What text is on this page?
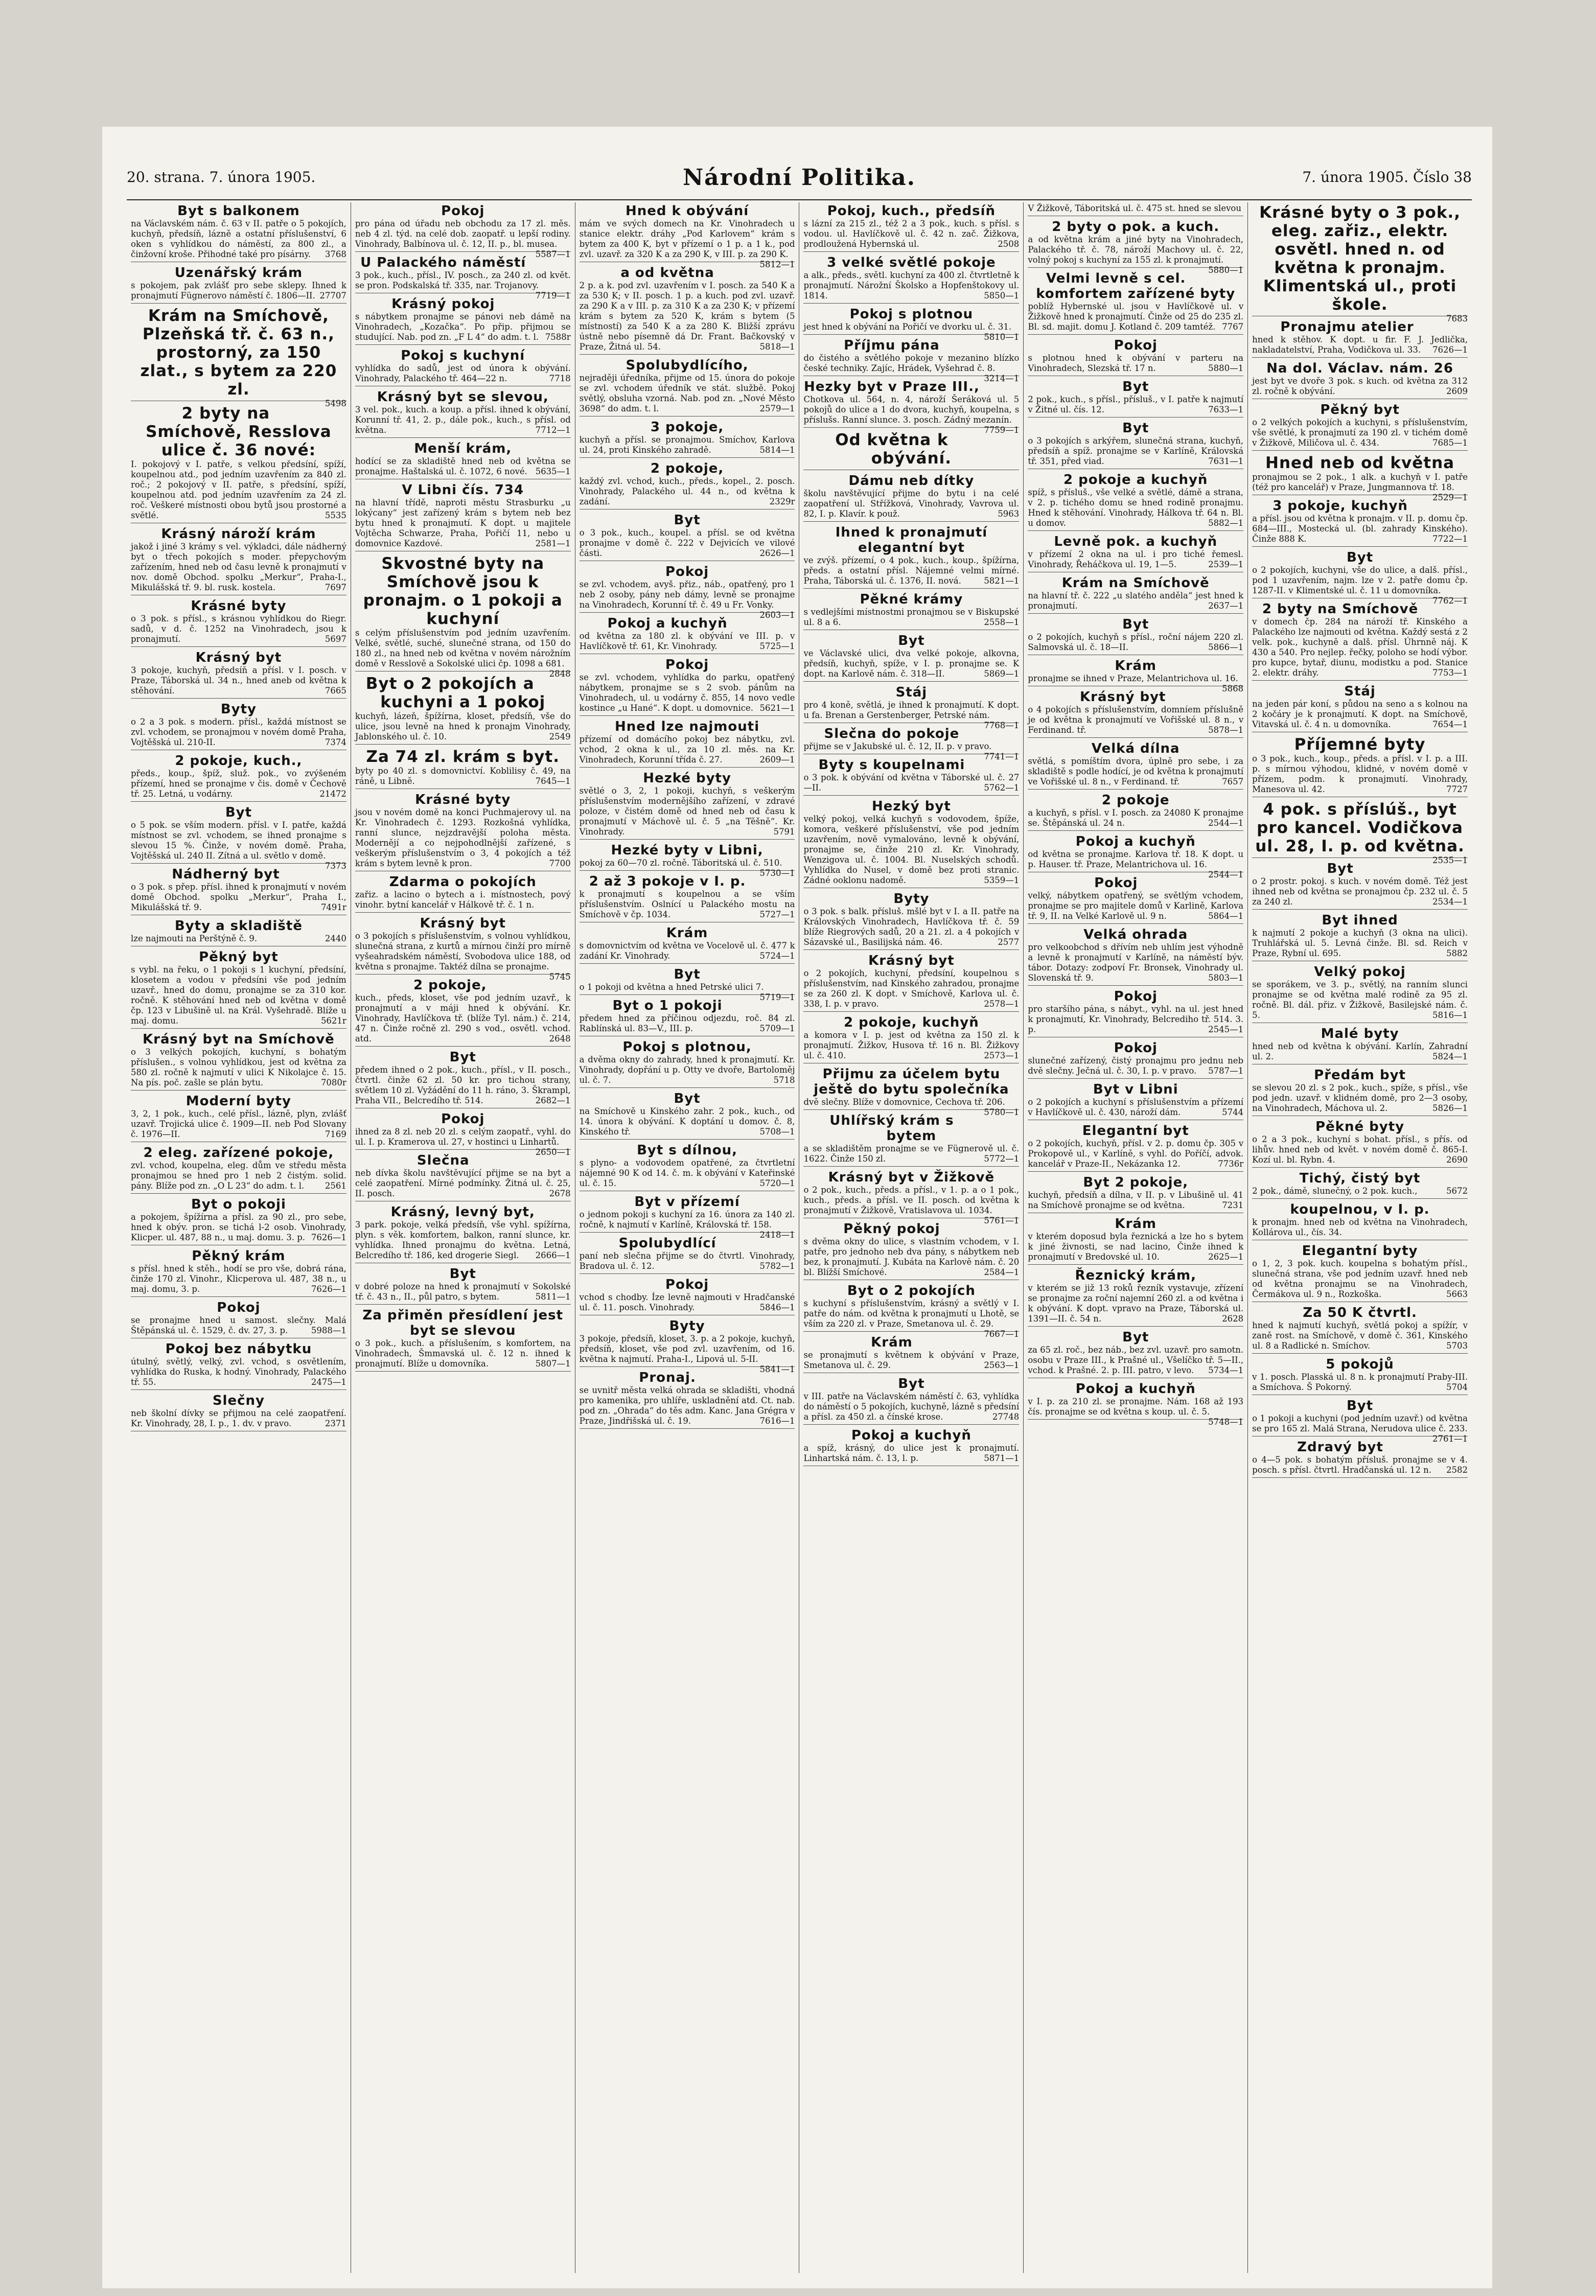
20. strana. 7. února 1905.	Národní Politika.	7. února 1905. Číslo 38
Byt s balkonem
na Václavském nám. č. 63 v II. patře o 5 pokojích, kuchyň, předsíň, lázně a ostatní příslušenství, 6 oken s vyhlídkou do náměstí, za 800 zl., a činžovní kroše. Přihodné také pro písárny. 3768
Uzenářský krám
s pokojem, pak zvlášť pro sebe sklepy. Ihned k pronajmutí Fügnerovo náměstí č. 1806—II. 27707
Krám na Smíchově, Plzeňská tř. č. 63 n., prostorný, za 150 zlat., s bytem za 220 zl.
5498
2 byty na Smíchově, Resslova ulice č. 36 nové:
I. pokojový v I. patře, s velkou předsíní, spíží, koupelnou atd., pod jedním uzavřením za 840 zl. roč.; 2 pokojový v II. patře, s předsíní, spíží, koupelnou atd. pod jedním uzavřením za 24 zl. roč. Veškeré místnosti obou bytů jsou prostorné a světlé.	5535
Krásný nároží krám
jakož i jiné 3 krámy s vel. výkladci, dále nádherný byt o třech pokojích s moder. přepychovým zařízením, hned neb od času levně k pronajmutí v nov. domě Obchod. spolku „Merkur“, Praha-I., Mikulášská tř. 9. bl. rusk. kostela.	7697
Krásné byty
o 3 pok. s přísl., s krásnou vyhlídkou do Riegr. sadů, v d. č. 1252 na Vinohradech, jsou k pronajmutí.	5697
Krásný byt
3 pokoje, kuchyň, předsíň a přísl. v I. posch. v Praze, Táborská ul. 34 n., hned aneb od května k stěhování.	7665
Byty
o 2 a 3 pok. s modern. přísl., každá místnost se zvl. vchodem, se pronajmou v novém domě Praha, Vojtěšská ul. 210-II.	7374
2 pokoje, kuch.,
předs., koup., špíž, služ. pok., vo zvýšeném přízemí, hned se pronajme v čis. domě v Čechově tř. 25. Letná, u vodárny.	21472
Byt
o 5 pok. se vším modern. přísl. v I. patře, každá místnost se zvl. vchodem, se ihned pronajme s slevou 15 %. Činže, v novém domě. Praha, Vojtěšská ul. 240 II. Zítná a ul. světlo v domě.
7373
Nádherný byt
o 3 pok. s přep. přísl. ihned k pronajmutí v novém domě Obchod. spolku „Merkur“, Praha I., Mikulášská tř. 9.	7491r
Byty a skladiště
lze najmouti na Perštýně č. 9.	2440
Pěkný byt
s vybl. na řeku, o 1 pokoji s 1 kuchyní, předsíní, klosetem a vodou v předsíni vše pod jedním uzavř., hned do domu, pronajme se za 310 kor. ročně. K stěhování hned neb od května v domě čp. 123 v Libušině ul. na Král. Vyšehradě. Blíže u maj. domu.	5621r
Krásný byt na Smíchově
o 3 velkých pokojích, kuchyní, s bohatým příslušen., s volnou vyhlídkou, jest od května za 580 zl. ročně k najmutí v ulici K Nikolajce č. 15. Na pís. poč. zašle se plán bytu.	7080r
Moderní byty
3, 2, 1 pok., kuch., celé přísl., lázně, plyn, zvlášť uzavř. Trojická ulice č. 1909—II. neb Pod Slovany č. 1976—II.	7169
2 eleg. zařízené pokoje,
zvl. vchod, koupelna, eleg. dům ve středu města pronajmou se hned pro 1 neb 2 čistým. solid. pány. Blíže pod zn. „O L 23“ do adm. t. l. 2561
Byt o pokoji
a pokojem, špížírna a přísl. za 90 zl., pro sebe, hned k obýv. pron. se tichá l-2 osob. Vinohrady, Klicper. ul. 487, 88 n., u maj. domu. 3. p. 7626—1
Pěkný krám
s přísl. hned k stěh., hodí se pro vše, dobrá rána, činže 170 zl. Vinohr., Klicperova ul. 487, 38 n., u maj. domu, 3. p.	7626—1
Pokoj
se pronajme hned u samost. slečny. Malá Štěpánská ul. č. 1529, č. dv. 27, 3. p.	5988—1
Pokoj bez nábytku
útulný, světlý, velký, zvl. vchod, s osvětlením, vyhlídka do Ruska, k hodný. Vinohrady, Palackého tř. 55.	2475—1
Slečny
neb školní dívky se přijmou na celé zaopatření. Kr. Vinohrady, 28, I. p., 1. dv. v pravo.	2371
Pokoj
pro pána od úřadu neb obchodu za 17 zl. měs. neb 4 zl. týd. na celé dob. zaopatř. u lepší rodiny. Vinohrady, Balbínova ul. č. 12, II. p., bl. musea.
5587—1
U Palackého náměstí
3 pok., kuch., přísl., IV. posch., za 240 zl. od květ. se pron. Podskalská tř. 335, nar. Trojanovy.
7719—1
Krásný pokoj
s nábytkem pronajme se pánovi neb dámě na Vinohradech, „Kozačka“. Po přip. přijmou se studující. Nab. pod zn. „F L 4“ do adm. t. l. 7588r
Pokoj s kuchyní
vyhlídka do sadů, jest od února k obývání. Vinohrady, Palackého tř. 464—22 n.	7718
Krásný byt se slevou,
3 vel. pok., kuch. a koup. a přísl. ihned k obývání, Korunní tř. 41, 2. p., dále pok., kuch., s přísl. od května.	7712—1
Menší krám,
hodící se za skladiště hned neb od května se pronajme. Haštalská ul. č. 1072, 6 nové. 5635—1
V Libni čís. 734
na hlavní třídě, naproti městu Strasburku „u lokýcany“ jest zařízený krám s bytem neb bez bytu hned k pronajmutí. K dopt. u majitele Vojtěcha Schwarze, Praha, Pořičí 11, nebo u domovnice Kazdové.	2581—1
Skvostné byty na Smíchově jsou k pronajm. o 1 pokoji a kuchyní
s celým příslušenstvím pod jedním uzavřením. Velké, světlé, suché, slunečné strana, od 150 do 180 zl., na hned neb od května v novém nárožním domě v Resslově a Sokolské ulici čp. 1098 a 681.
2848
Byt o 2 pokojích a kuchyni a 1 pokoj
kuchyň, lázeň, špížírna, kloset, předsíň, vše do ulice, jsou levně na hned k pronajm Vinohrady, Jablonského ul. č. 10.	2549
Za 74 zl. krám s byt.
byty po 40 zl. s domovnictví. Koblilisy č. 49, na ráně, u Libně.	7645—1
Krásné byty
jsou v novém domě na konci Puchmajerovy ul. na Kr. Vinohradech č. 1293. Rozkošná vyhlídka, ranní slunce, nejzdravější poloha města. Modernějí a co nejpohodlnější zařízené, s veškerým příslušenstvím o 3, 4 pokojích a též krám s bytem levně k pron.	7700
Zdarma o pokojích
zařiz. a lacino o bytech a i. místnostech, pový vinohr. bytní kancelář v Hálkově tř. č. 1 n.
Krásný byt
o 3 pokojích s příslušenstvím, s volnou vyhlídkou, slunečná strana, z kurtů a mírnou činží pro mírně vyšeahradském náměstí, Svobodova ulice 188, od května s pronajme. Taktéž dílna se pronajme.
5745
2 pokoje,
kuch., předs, kloset, vše pod jedním uzavř., k pronajmutí a v máji hned k obývání. Kr. Vinohrady, Havlíčkova tř. (blíže Tyl. nám.) č. 214, 47 n. Činže ročně zl. 290 s vod., osvětl. vchod. atd.	2648
Byt
předem ihned o 2 pok., kuch., přísl., v II. posch., čtvrtl. činže 62 zl. 50 kr. pro tichou strany, světlem 10 zl. Vyžádění do 11 h. ráno, 3. Škrampl, Praha VII., Belcredího tř. 514.	2682—1
Pokoj
ihned za 8 zl. neb 20 zl. s celým zaopatř., vyhl. do ul. I. p. Kramerova ul. 27, v hostinci u Linhartů.
2650—1
Slečna
neb dívka školu navštěvující přijme se na byt a celé zaopatření. Mírné podmínky. Žitná ul. č. 25, II. posch.	2678
Krásný, levný byt,
3 park. pokoje, velká předsíň, vše vyhl. spížírna, plyn. s věk. komfortem, balkon, ranní slunce, kr. vyhlídka. Ihned pronajmu do května. Letná, Belcredího tř. 186, ked drogerie Siegl. 2666—1
Byt
v dobré poloze na hned k pronajmutí v Sokolské tř. č. 43 n., II., půl patro, s bytem.	5811—1
Za přiměn přesídlení jest byt se slevou
o 3 pok., kuch. a příslušením, s komfortem, na Vinohradech, Šmmavská ul. č. 12 n. ihned k pronajmutí. Blíže u domovníka.	5807—1
Hned k obývání
mám ve svých domech na Kr. Vinohradech u stanice elektr. dráhy „Pod Karlovem“ krám s bytem za 400 K, byt v přízemí o 1 p. a 1 k., pod zvl. uzavř. za 320 K a za 290 K, v III. p. za 290 K.
5812—1
a od května
2 p. a k. pod zvl. uzavřením v I. posch. za 540 K a za 530 K; v II. posch. 1 p. a kuch. pod zvl. uzavř. za 290 K a v III. p. za 310 K a za 230 K; v přízemí krám s bytem za 520 K, krám s bytem (5 místností) za 540 K a za 280 K. Bližší zprávu ústně nebo písemně dá Dr. Frant. Bačkovský v Praze, Žitná ul. 54.	5818—1
Spolubydlícího,
nejraději úředníka, přijme od 15. února do pokoje se zvl. vchodem úředník ve stát. službě. Pokoj světlý, obsluha vzorná. Nab. pod zn. „Nové Město 3698“ do adm. t. l.	2579—1
3 pokoje,
kuchyň a přísl. se pronajmou. Smíchov, Karlova ul. 24, proti Kinského zahradě.	5814—1
2 pokoje,
každý zvl. vchod, kuch., předs., kopel., 2. posch. Vinohrady, Palackého ul. 44 n., od května k zadání.	2329r
Byt
o 3 pok., kuch., koupel. a přísl. se od května pronajme v domě č. 222 v Dejvicích ve vilové části.	2626—1
Pokoj
se zvl. vchodem, avyš. přiz., náb., opatřený, pro 1 neb 2 osoby, pány neb dámy, levně se pronajme na Vinohradech, Korunní tř. č. 49 u Fr. Vonky.
2603—1
Pokoj a kuchyň
od května za 180 zl. k obývání ve III. p. v Havlíčkově tř. 61, Kr. Vinohrady.	5725—1
Pokoj
se zvl. vchodem, vyhlídka do parku, opatřený nábytkem, pronajme se s 2 svob. pánům na Vinohradech, ul. u vodárny č. 855, 14 novo vedle kostince „u Hané“. K dopt. u domovnice. 5621—1
Hned lze najmouti
přízemí od domácího pokoj bez nábytku, zvl. vchod, 2 okna k ul., za 10 zl. měs. na Kr. Vinohradech, Korunní třída č. 27.	2609—1
Hezké byty
světlé o 3, 2, 1 pokoji, kuchyň, s veškerým příslušenstvím modernějšího zařízení, v zdravé poloze, v čistém domě od hned neb od času k pronajmutí v Máchově ul. č. 5 „na Těšně“. Kr. Vinohrady.	5791
Hezké byty v Libni,
pokoj za 60—70 zl. ročně. Táboritská ul. č. 510.
5730—1
2 až 3 pokoje v I. p.
k pronajmutí s koupelnou a se vším příslušenstvím. Oslnící u Palackého mostu na Smíchově v čp. 1034.	5727—1
Krám
s domovnictvím od května ve Vocelově ul. č. 477 k zadání Kr. Vinohrady.	5724—1
Byt
o 1 pokoji od května a hned Petrské ulici 7.
5719—1
Byt o 1 pokoji
předem hned za příčinou odjezdu, roč. 84 zl. Rablínská ul. 83—V., III. p.	5709—1
Pokoj s plotnou,
a dvěma okny do zahrady, hned k pronajmutí. Kr. Vinohrady, dopřání u p. Otty ve dvoře, Bartoloměj ul. č. 7.	5718
Byt
na Smíchově u Kinského zahr. 2 pok., kuch., od 14. února k obývání. K doptání u domov. č. 8, Kinského tř.	5708—1
Byt s dílnou,
s plyno- a vodovodem opatřené, za čtvrtletní nájemné 90 K od 14. č. m. k obývání v Kateřinské ul. č. 15.	5720—1
Byt v přízemí
o jednom pokoji s kuchyní za 16. února za 140 zl. ročně, k najmutí v Karlíně, Královská tř. 158.
2418—1
Spolubydlící
paní neb slečna přijme se do čtvrtl. Vinohrady, Bradova ul. č. 12.	5782—1
Pokoj
vchod s chodby. Íze levně najmouti v Hradčanské ul. č. 11. posch. Vinohrady.	5846—1
Byty
3 pokoje, předsíň, kloset, 3. p. a 2 pokoje, kuchyň, předsíň, kloset, vše pod zvl. uzavřením, od 16. května k najmutí. Praha-I., Lipová ul. 5-II.
5841—1
Pronaj.
se uvnitř města velká ohrada se skladišti, vhodná pro kamenika, pro uhlíře, uskladnění atd. Ct. nab. pod zn. „Ohrada“ do těs adm. Kanc. Jana Grégra v Praze, Jindřišská ul. č. 19.	7616—1
Pokoj, kuch., předsíň
s lázní za 215 zl., též 2 a 3 pok., kuch. s přísl. s vodou. ul. Havlíčkově ul. č. 42 n. zač. Žižkova, prodloužená Hybernská ul.	2508
3 velké světlé pokoje
a alk., předs., světl. kuchyní za 400 zl. čtvrtletně k pronajmutí. Nárožní Školsko a Hopfenštokovy ul. 1814.	5850—1
Pokoj s plotnou
jest hned k obývání na Pořičí ve dvorku ul. č. 31.
5810—1
Příjmu pána
do čistého a světlého pokoje v mezanino blízko české techniky. Zajíc, Hrádek, Vyšehrad č. 8.
3214—1
Hezky byt v Praze III.,
Chotkova ul. 564, n. 4, nároží Šeráková ul. 5 pokojů do ulice a 1 do dvora, kuchyň, koupelna, s příslušs. Ranní slunce. 3. posch. Zádný mezanín.
7759—1
Od května k obývání.
Dámu neb dítky
školu navštěvující přijme do bytu i na celé zaopatření ul. Střížková, Vinohrady, Vavrova ul. 82, I. p. Klavír. k použ.	5963
Ihned k pronajmutí elegantní byt
ve zvýš. přízemí, o 4 pok., kuch., koup., špížírna, předs. a ostatní přísl. Nájemné velmi mírné. Praha, Táborská ul. č. 1376, II. nová.	5821—1
Pěkné krámy
s vedlejšími místnostmi pronajmou se v Biskupské ul. 8 a 6.	2558—1
Byt
ve Václavské ulici, dva velké pokoje, alkovna, předsíň, kuchyň, spíže, v I. p. pronajme se. K dopt. na Karlově nám. č. 318—II.	5869—1
Stáj
pro 4 koně, světlá, je ihned k pronajmutí. K dopt. u fa. Brenan a Gerstenberger, Petrské nám.
7768—1
Slečna do pokoje
přijme se v Jakubské ul. č. 12, II. p. v pravo.
7741—1
Byty s koupelnami
o 3 pok. k obývání od května v Táborské ul. č. 27—II.	5762—1
Hezký byt
velký pokoj, velká kuchyň s vodovodem, špíže, komora, veškeré příslušenství, vše pod jedním uzavřením, nově vymalováno, levně k obývání, pronajme se, činže 210 zl. Kr. Vinohrady, Wenzigova ul. č. 1004. Bl. Nuselských schodů. Vyhlídka do Nusel, v domě bez proti stranic. Zádné ooklonu nadomě.	5359—1
Byty
o 3 pok. s balk. přísluš. mšlé byt v I. a II. patře na Královských Vinohradech, Havlíčkova tř. č. 59 blíže Riegrových sadů, 20 a 21. zl. a 4 pokojích v Sázavské ul., Basilijská nám. 46.	2577
Krásný byt
o 2 pokojích, kuchyní, předsíní, koupelnou s příslušenstvím, nad Kinského zahradou, pronajme se za 260 zl. K dopt. v Smíchově, Karlova ul. č. 338, I. p. v pravo.	2578—1
2 pokoje, kuchyň
a komora v I. p. jest od května za 150 zl. k pronajmutí. Žižkov, Husova tř. 16 n. Bl. Žižkovy ul. č. 410.	2573—1
Přijmu za účelem bytu ještě do bytu společníka
dvě slečny. Blíže v domovnice, Cechova tř. 206.
5780—1
Uhlířský krám s bytem
a se skladištěm pronajme se ve Fügnerově ul. č. 1622. Činže 150 zl.	5772—1
Krásný byt v Žižkově
o 2 pok., kuch., předs. a přísl., v 1. p. a o 1 pok., kuch., předs. a přísl. ve II. posch. od května k pronajmutí v Žižkově, Vratislavova ul. 1034.
5761—1
Pěkný pokoj
s dvěma okny do ulice, s vlastním vchodem, v I. patře, pro jednoho neb dva pány, s nábytkem neb bez, k pronajmutí. J. Kubáta na Karlově nám. č. 20 bl. Blížší Smíchové.	2584—1
Byt o 2 pokojích
s kuchyní s příslušenstvím, krásný a světlý v I. patře do nám. od května k pronajmutí u Lhotě, se vším za 220 zl. v Praze, Smetanova ul. č. 29.
7667—1
Krám
se pronajmutí s květnem k obývání v Praze, Smetanova ul. č. 29.	2563—1
Byt
v III. patře na Václavském náměstí č. 63, vyhlídka do náměstí o 5 pokojích, kuchyně, lázně s předsíní a přísl. za 450 zl. a čínské krose.	27748
Pokoj a kuchyň
a spíž, krásný, do ulice jest k pronajmutí. Linhartská nám. č. 13, l. p.	5871—1
V Žižkově, Táboritská ul. č. 475 st. hned se slevou
2 byty o pok. a kuch.
a od května krám a jiné byty na Vinohradech, Palackého tř. č. 78, nároží Machovy ul. č. 22, volný pokoj s kuchyní za 155 zl. k pronajmutí.
5880—1
Velmi levně s cel. komfortem zařízené byty
poblíž Hybernské ul. jsou v Havlíčkově ul. v Žižkově hned k pronajmutí. Činže od 25 do 235 zl. Bl. sd. majit. domu J. Kotland č. 209 tamtéž. 7767
Pokoj
s plotnou hned k obývání v parteru na Vinohradech, Slezská tř. 17 n.	5880—1
Byt
2 pok., kuch., s přísl., přísluš., v I. patře k najmutí v Žitné ul. čís. 12.	7633—1
Byt
o 3 pokojích s arkýřem, slunečná strana, kuchyň, předsíň a spíž. pronajme se v Karlíně, Královská tř. 351, před viad.	7631—1
2 pokoje a kuchyň
spíž, s přísluš., vše velké a světlé, dámě a strana, v 2. p. tichého domu se hned rodině pronajmu. Hned k stěhování. Vinohrady, Hálkova tř. 64 n. Bl. u domov.	5882—1
Levně pok. a kuchyň
v přízemí 2 okna na ul. i pro tiché řemesl. Vinohrady, Řeháčkova ul. 19, 1—5.	2539—1
Krám na Smíchově
na hlavní tř. č. 222 „u slatého anděla“ jest hned k pronajmutí.	2637—1
Byt
o 2 pokojích, kuchyň s přísl., roční nájem 220 zl. Salmovská ul. č. 18—II.	5866—1
Krám
pronajme se ihned v Praze, Melantrichova ul. 16.
5868
Krásný byt
o 4 pokojích s příslušenstvím, domníem příslušně je od května k pronajmutí ve Vořišské ul. 8 n., v Ferdinand. tř.	5878—1
Velká dílna
světlá, s pomíštím dvora, úplně pro sebe, i za skladiště s podle hodící, je od května k pronajmutí ve Vořišské ul. 8 n., v Ferdinand. tř.	7657
2 pokoje
a kuchyň, s přísl. v I. posch. za 24080 K pronajme se. Štěpánská ul. 24 n.	2544—1
Pokoj a kuchyň
od května se pronajme. Karlova tř. 18. K dopt. u p. Hauser. tř. Praze, Melantrichova ul. 16.
2544—1
Pokoj
velký, nábytkem opatřený, se světlým vchodem, pronajme se pro majitele domů v Karlině, Karlova tř. 9, II. na Velké Karlově ul. 9 n.	5864—1
Velká ohrada
pro velkoobchod s dřívím neb uhlím jest výhodně a levně k pronajmutí v Karlíně, na náměstí býv. tábor. Dotazy: zodpoví Fr. Bronsek, Vinohrady ul. Slovenská tř. 9.	5803—1
Pokoj
pro staršího pána, s nábyt., vyhl. na ul. jest hned k pronajmutí, Kr. Vinohrady, Belcrediho tř. 514. 3. p.	2545—1
Pokoj
slunečné zařízený, čistý pronajmu pro jednu neb dvě slečny. Ječná ul. č. 30, I. p. v pravo. 5787—1
Byt v Libni
o 2 pokojích a kuchyní s příslušenstvím a přízemí v Havlíčkově ul. č. 430, nároží dám.	5744
Elegantní byt
o 2 pokojích, kuchyň, přísl. v 2. p. domu čp. 305 v Prokopově ul., v Karlíně, s vyhl. do Poříčí, advok. kancelář v Praze-II., Nekázanka 12.	7736r
Byt 2 pokoje,
kuchyň, předsíň a dílna, v II. p. v Libušině ul. 41 na Smíchově pronajme se od května.	7231
Krám
v kterém doposud byla řeznická a lze ho s bytem k jiné živnosti, se nad lacino, Činže ihned k pronajmutí v Bredovské ul. 10.	2625—1
Řeznický krám,
v kterém se již 13 roků řezník vystavuje, zřízení se pronajme za roční najemní 260 zl. a od května i k obývání. K dopt. vpravo na Praze, Táborská ul. 1391—II. č. 54 n.	2628
Byt
za 65 zl. roč., bez náb., bez zvl. uzavř. pro samotn. osobu v Praze III., k Prašné ul., Všelíčko tř. 5—II., vchod. k Prašné. 2. p. III. patro, v levo. 5734—1
Pokoj a kuchyň
v I. p. za 210 zl. se pronajme. Nám. 168 až 193 čís. pronajme se od května s koup. ul. č. 5.
5748—1
Krásné byty o 3 pok., eleg. zařiz., elektr. osvětl. hned n. od května k pronajm. Klimentská ul., proti škole.
7683
Pronajmu atelier
hned k stěhov. K dopt. u fir. F. J. Jedlička, nakladatelství, Praha, Vodičkova ul. 33. 7626—1
Na dol. Václav. nám. 26
jest byt ve dvoře 3 pok. s kuch. od května za 312 zl. ročně k obývání.	2609
Pěkný byt
o 2 velkých pokojích a kuchyni, s příslušenstvím, vše světlé, k pronajmutí za 190 zl. v tichém domě v Žižkově, Miličova ul. č. 434.	7685—1
Hned neb od května
pronajmou se 2 pok., 1 alk. a kuchyň v I. patře (též pro kancelář) v Praze, Jungmannova tř. 18.
2529—1
3 pokoje, kuchyň
a přísl. jsou od května k pronajm. v II. p. domu čp. 684—III., Mostecká ul. (bl. zahrady Kinského). Činže 888 K.	7722—1
Byt
o 2 pokojích, kuchyni, vše do ulice, a dalš. přísl., pod 1 uzavřením, najm. lze v 2. patře domu čp. 1287-II. v Klimentské ul. č. 11 u domovníka.
7762—1
2 byty na Smíchově
v domech čp. 284 na nároží tř. Kinského a Palackého lze najmouti od května. Každý sestá z 2 velk. pok., kuchyně a dalš. přísl. Úhrnně náj. K 430 a 540. Pro nejlep. řečky, poloho se hodí výbor. pro kupce, bytař, diunu, modistku a pod. Stanice 2. elektr. dráhy.	7753—1
Stáj
na jeden pár koní, s půdou na seno a s kolnou na 2 kočáry je k pronajmutí. K dopt. na Smíchově, Vitavská ul. č. 4 n. u domovníka.	7654—1
Příjemné byty
o 3 pok., kuch., koup., předs. a přísl. v I. p. a III. p. s mírnou výhodou, klidné, v novém domě v přízem, podm. k pronajmutí. Vinohrady, Manesova ul. 42.	7727
4 pok. s příslúš., byt pro kancel. Vodičkova ul. 28, I. p. od května.
2535—1
Byt
o 2 prostr. pokoj. s kuch. v novém domě. Též jest ihned neb od května se pronajmou čp. 232 ul. č. 5 za 240 zl.	2534—1
Byt ihned
k najmutí 2 pokoje a kuchyň (3 okna na ulici). Truhlářská ul. 5. Levná činže. Bl. sd. Reich v Praze, Rybní ul. 695.	5882
Velký pokoj
se sporákem, ve 3. p., světlý, na ranním slunci pronajme se od května malé rodině za 95 zl. ročně. Bl. dál. přiz. v Žižkově, Basilejské nám. č. 5.	5816—1
Malé byty
hned neb od května k obývání. Karlín, Zahradní ul. 2.	5824—1
Předám byt
se slevou 20 zl. s 2 pok., kuch., spíže, s přísl., vše pod jedn. uzavř. v klidném domě, pro 2—3 osoby, na Vinohradech, Máchova ul. 2.	5826—1
Pěkné byty
o 2 a 3 pok., kuchyní s bohat. přísl., s přís. od lihův. hned neb od květ. v novém domě č. 865-I. Kozí ul. bl. Rybn. 4.	2690
Tichý, čistý byt
2 pok., dámě, slunečný, o 2 pok. kuch.,	5672
koupelnou, v I. p.
k pronajm. hned neb od května na Vinohradech, Kollárova ul., čís. 34.
Elegantní byty
o 1, 2, 3 pok. kuch. koupelna s bohatým přísl., slunečná strana, vše pod jedním uzavř. hned neb od května pronajmu se na Vinohradech, Čermákova ul. 9 n., Rozkoška.	5663
Za 50 K čtvrtl.
hned k najmutí kuchyň, světlá pokoj a spížír, v zaně rost. na Smíchově, v domě č. 361, Kinského ul. 8 a Radlické n. Smíchov.	5703
5 pokojů
v 1. posch. Plasská ul. 8 n. k pronajmutí Praby-III. a Smíchova. Š Pokorný.	5704
Byt
o 1 pokoji a kuchyni (pod jedním uzavř.) od května se pro 165 zl. Malá Strana, Nerudova ulice č. 233.
2761—1
Zdravý byt
o 4—5 pok. s bohatým přísluš. pronajme se v 4. posch. s přísl. čtvrtl. Hradčanská ul. 12 n. 2582
